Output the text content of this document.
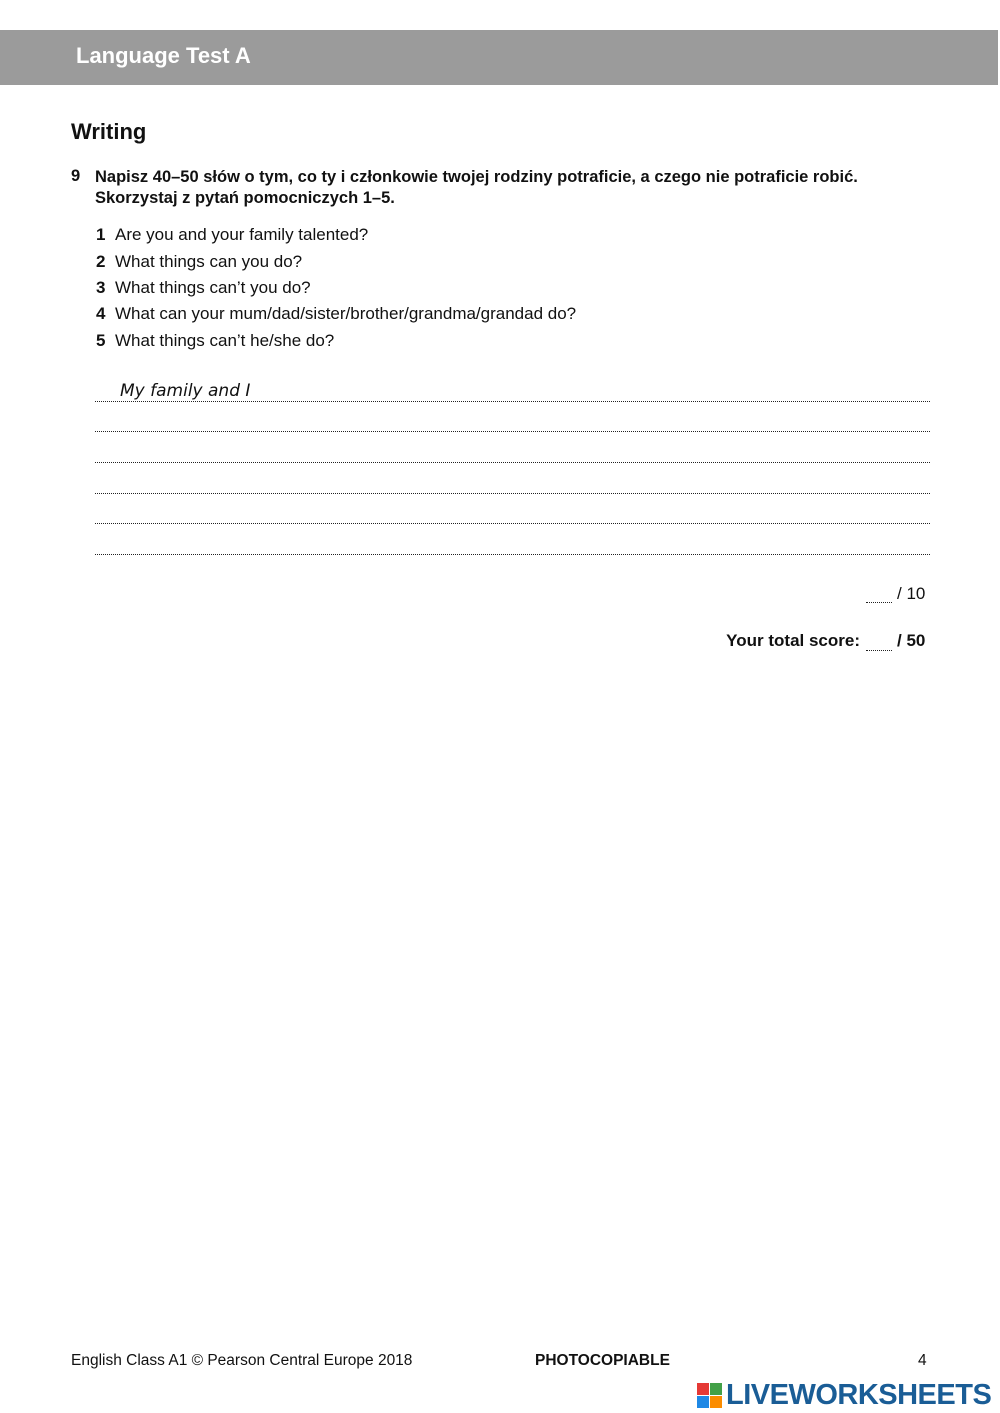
Language Test A
Writing
9 Napisz 40–50 słów o tym, co ty i członkowie twojej rodziny potraficie, a czego nie potraficie robić. Skorzystaj z pytań pomocniczych 1–5.
1 Are you and your family talented?
2 What things can you do?
3 What things can’t you do?
4 What can your mum/dad/sister/brother/grandma/grandad do?
5 What things can’t he/she do?
My family and I
/ 10
Your total score: / 50
English Class A1 © Pearson Central Europe 2018	PHOTOCOPIABLE	4
LIVEWORKSHEETS
